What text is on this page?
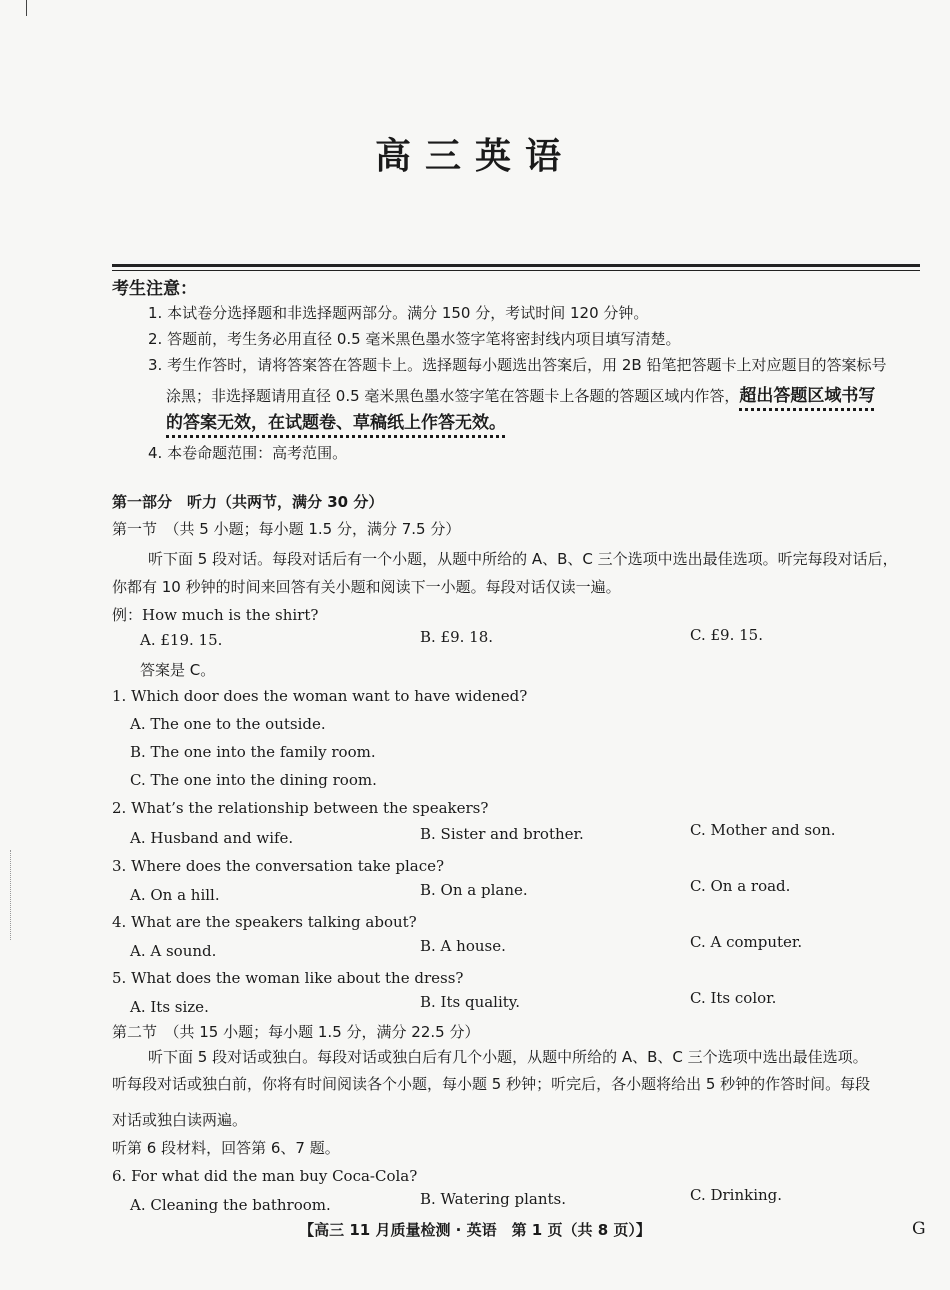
高三英语
考生注意：
1. 本试卷分选择题和非选择题两部分。满分 150 分，考试时间 120 分钟。
2. 答题前，考生务必用直径 0.5 毫米黑色墨水签字笔将密封线内项目填写清楚。
3. 考生作答时，请将答案答在答题卡上。选择题每小题选出答案后，用 2B 铅笔把答题卡上对应题目的答案标号
涂黑；非选择题请用直径 0.5 毫米黑色墨水签字笔在答题卡上各题的答题区域内作答，超出答题区域书写
的答案无效，在试题卷、草稿纸上作答无效。
4. 本卷命题范围：高考范围。
第一部分　听力（共两节，满分 30 分）
第一节　（共 5 小题；每小题 1.5 分，满分 7.5 分）
听下面 5 段对话。每段对话后有一个小题，从题中所给的 A、B、C 三个选项中选出最佳选项。听完每段对话后，
你都有 10 秒钟的时间来回答有关小题和阅读下一小题。每段对话仅读一遍。
例：How much is the shirt?
A. £19. 15.	B. £9. 18.	C. £9. 15.
答案是 C。
1. Which door does the woman want to have widened?
A. The one to the outside.
B. The one into the family room.
C. The one into the dining room.
2. What’s the relationship between the speakers?
A. Husband and wife.	B. Sister and brother.	C. Mother and son.
3. Where does the conversation take place?
A. On a hill.	B. On a plane.	C. On a road.
4. What are the speakers talking about?
A. A sound.	B. A house.	C. A computer.
5. What does the woman like about the dress?
A. Its size.	B. Its quality.	C. Its color.
第二节　（共 15 小题；每小题 1.5 分，满分 22.5 分）
听下面 5 段对话或独白。每段对话或独白后有几个小题，从题中所给的 A、B、C 三个选项中选出最佳选项。
听每段对话或独白前，你将有时间阅读各个小题，每小题 5 秒钟；听完后，各小题将给出 5 秒钟的作答时间。每段
对话或独白读两遍。
听第 6 段材料，回答第 6、7 题。
6. For what did the man buy Coca-Cola?
A. Cleaning the bathroom.	B. Watering plants.	C. Drinking.
【高三 11 月质量检测 · 英语　第 1 页（共 8 页）】	G
